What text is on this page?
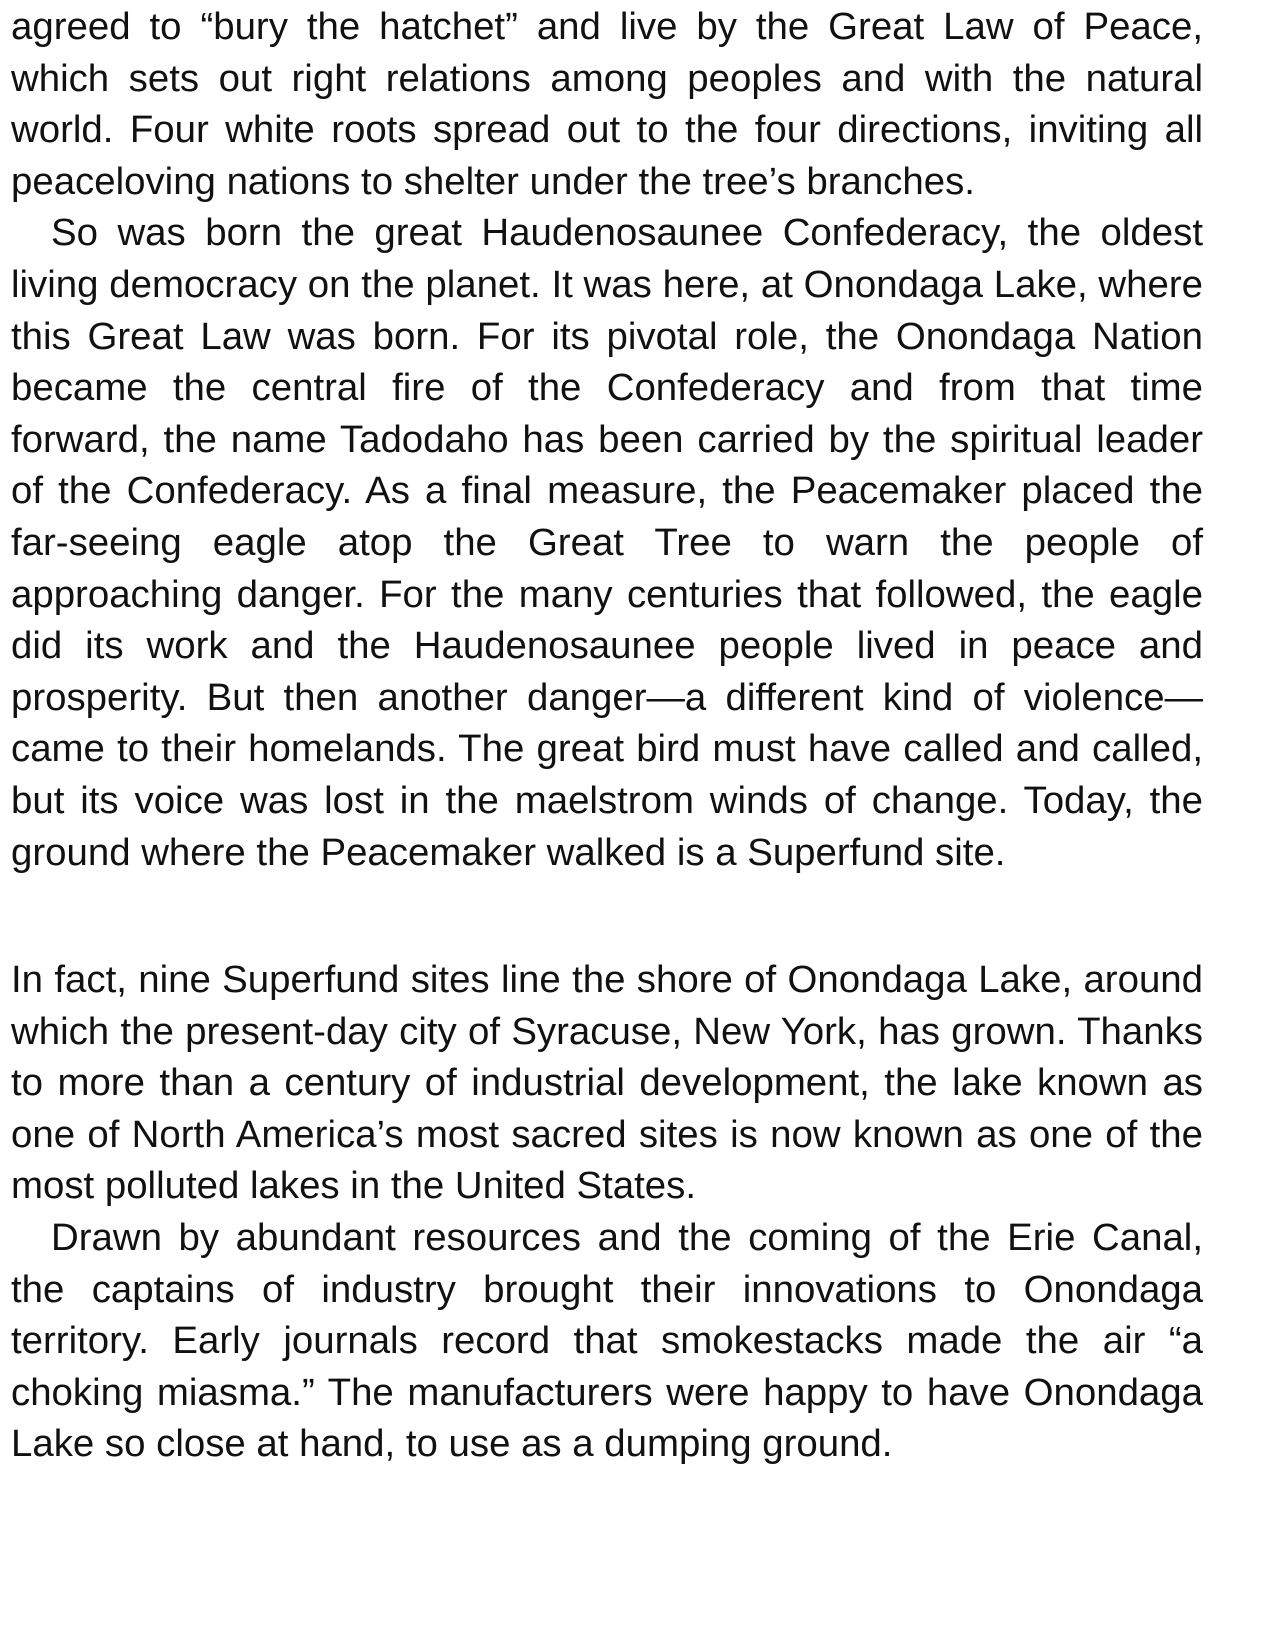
agreed to “bury the hatchet” and live by the Great Law of Peace, which sets out right relations among peoples and with the natural world. Four white roots spread out to the four directions, inviting all peaceloving nations to shelter under the tree’s branches.

So was born the great Haudenosaunee Confederacy, the oldest living democracy on the planet. It was here, at Onondaga Lake, where this Great Law was born. For its pivotal role, the Onondaga Nation became the central fire of the Confederacy and from that time forward, the name Tadodaho has been carried by the spiritual leader of the Confederacy. As a final measure, the Peacemaker placed the far-seeing eagle atop the Great Tree to warn the people of approaching danger. For the many centuries that followed, the eagle did its work and the Haudenosaunee people lived in peace and prosperity. But then another danger—a different kind of violence—came to their homelands. The great bird must have called and called, but its voice was lost in the maelstrom winds of change. Today, the ground where the Peacemaker walked is a Superfund site.

In fact, nine Superfund sites line the shore of Onondaga Lake, around which the present-day city of Syracuse, New York, has grown. Thanks to more than a century of industrial development, the lake known as one of North America’s most sacred sites is now known as one of the most polluted lakes in the United States.

Drawn by abundant resources and the coming of the Erie Canal, the captains of industry brought their innovations to Onondaga territory. Early journals record that smokestacks made the air “a choking miasma.” The manufacturers were happy to have Onondaga Lake so close at hand, to use as a dumping ground.
